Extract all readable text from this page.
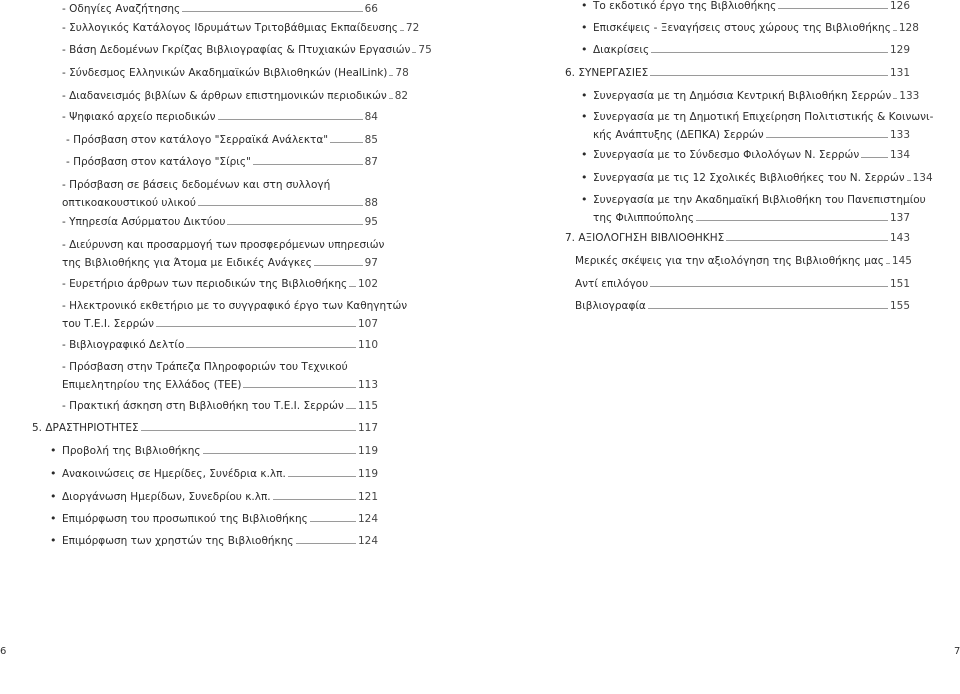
- Οδηγίες Αναζήτησης	66
- Συλλογικός Κατάλογος Ιδρυμάτων Τριτοβάθμιας Εκπαίδευσης 72
- Βάση Δεδομένων Γκρίζας Βιβλιογραφίας & Πτυχιακών Εργασιών 75
- Σύνδεσμος Ελληνικών Ακαδημαϊκών Βιβλιοθηκών (HealLink) 78
- Διαδανεισμός βιβλίων & άρθρων επιστημονικών περιοδικών 82
- Ψηφιακό αρχείο περιοδικών	84
- Πρόσβαση στον κατάλογο "Σερραϊκά Ανάλεκτα"	85
- Πρόσβαση στον κατάλογο "Σίρις"	87
- Πρόσβαση σε βάσεις δεδομένων και στη συλλογή
οπτικοακουστικού υλικού	88
- Υπηρεσία Ασύρματου Δικτύου	95
- Διεύρυνση και προσαρμογή των προσφερόμενων υπηρεσιών
της Βιβλιοθήκης για Άτομα με Ειδικές Ανάγκες	97
- Ευρετήριο άρθρων των περιοδικών της Βιβλιοθήκης 102
- Ηλεκτρονικό εκθετήριο με το συγγραφικό έργο των Καθηγητών
του Τ.Ε.Ι. Σερρών	107
- Βιβλιογραφικό Δελτίο	110
- Πρόσβαση στην Τράπεζα Πληροφοριών του Τεχνικού
Επιμελητηρίου της Ελλάδος (ΤΕΕ)	113
- Πρακτική άσκηση στη Βιβλιοθήκη του Τ.Ε.Ι. Σερρών 115
5. ΔΡΑΣΤΗΡΙΟΤΗΤΕΣ	117
• Προβολή της Βιβλιοθήκης	119
• Ανακοινώσεις σε Ημερίδες, Συνέδρια κ.λπ.	119
• Διοργάνωση Ημερίδων, Συνεδρίου κ.λπ.	121
• Επιμόρφωση του προσωπικού της Βιβλιοθήκης	124
• Επιμόρφωση των χρηστών της Βιβλιοθήκης	124
• Το εκδοτικό έργο της Βιβλιοθήκης	126
• Επισκέψεις - Ξεναγήσεις στους χώρους της Βιβλιοθήκης 128
• Διακρίσεις	129
6. ΣΥΝΕΡΓΑΣΙΕΣ	131
• Συνεργασία με τη Δημόσια Κεντρική Βιβλιοθήκη Σερρών 133
• Συνεργασία με τη Δημοτική Επιχείρηση Πολιτιστικής & Κοινωνι-
κής Ανάπτυξης (ΔΕΠΚΑ) Σερρών	133
• Συνεργασία με το Σύνδεσμο Φιλολόγων Ν. Σερρών	134
• Συνεργασία με τις 12 Σχολικές Βιβλιοθήκες του Ν. Σερρών 134
• Συνεργασία με την Ακαδημαϊκή Βιβλιοθήκη του Πανεπιστημίου
της Φιλιππούπολης	137
7. ΑΞΙΟΛΟΓΗΣΗ ΒΙΒΛΙΟΘΗΚΗΣ	143
Μερικές σκέψεις για την αξιολόγηση της Βιβλιοθήκης μας 145
Αντί επιλόγου	151
Βιβλιογραφία	155
6	7
